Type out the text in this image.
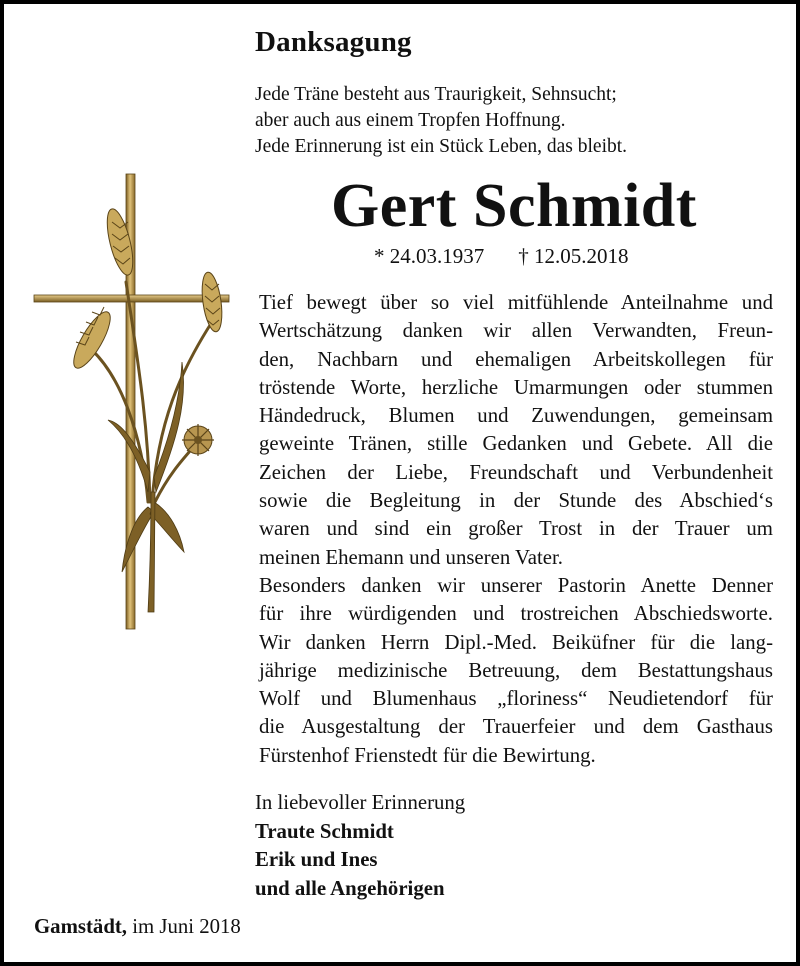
Danksagung
Jede Träne besteht aus Traurigkeit, Sehnsucht;
aber auch aus einem Tropfen Hoffnung.
Jede Erinnerung ist ein Stück Leben, das bleibt.
Gert Schmidt
* 24.03.1937 † 12.05.2018
Tief bewegt über so viel mitfühlende Anteilnahme und
Wertschätzung danken wir allen Verwandten, Freun-
den, Nachbarn und ehemaligen Arbeitskollegen für
tröstende Worte, herzliche Umarmungen oder stummen
Händedruck, Blumen und Zuwendungen, gemeinsam
geweinte Tränen, stille Gedanken und Gebete. All die
Zeichen der Liebe, Freundschaft und Verbundenheit
sowie die Begleitung in der Stunde des Abschied‘s
waren und sind ein großer Trost in der Trauer um
meinen Ehemann und unseren Vater.
Besonders danken wir unserer Pastorin Anette Denner
für ihre würdigenden und trostreichen Abschiedsworte.
Wir danken Herrn Dipl.-Med. Beiküfner für die lang-
jährige medizinische Betreuung, dem Bestattungshaus
Wolf und Blumenhaus „floriness“ Neudietendorf für
die Ausgestaltung der Trauerfeier und dem Gasthaus
Fürstenhof Frienstedt für die Bewirtung.
In liebevoller Erinnerung
Traute Schmidt
Erik und Ines
und alle Angehörigen
Gamstädt, im Juni 2018
